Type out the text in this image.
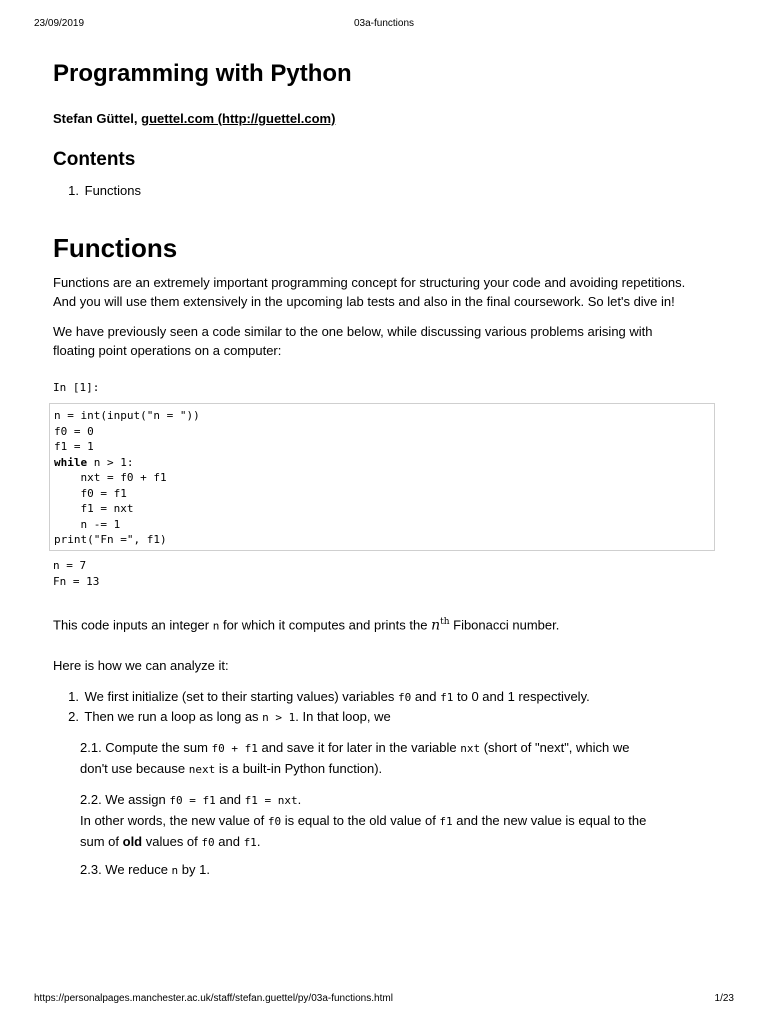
23/09/2019	03a-functions
Programming with Python
Stefan Güttel, guettel.com (http://guettel.com)
Contents
1. Functions
Functions
Functions are an extremely important programming concept for structuring your code and avoiding repetitions.
And you will use them extensively in the upcoming lab tests and also in the final coursework. So let's dive in!
We have previously seen a code similar to the one below, while discussing various problems arising with
floating point operations on a computer:
In [1]:
n = int(input("n = "))
f0 = 0
f1 = 1
while n > 1:
nxt = f0 + f1
f0 = f1
f1 = nxt
n -= 1
print("Fn =", f1)
n = 7
Fn = 13
This code inputs an integer n for which it computes and prints the $n^{th}$ Fibonacci number.
Here is how we can analyze it:
1. We first initialize (set to their starting values) variables f0 and f1 to 0 and 1 respectively.
2. Then we run a loop as long as n > 1. In that loop, we
2.1. Compute the sum f0 + f1 and save it for later in the variable nxt (short of "next", which we
don't use because next is a built-in Python function).
2.2. We assign f0 = f1 and f1 = nxt.
In other words, the new value of f0 is equal to the old value of f1 and the new value is equal to the
sum of old values of f0 and f1.
2.3. We reduce n by 1.
https://personalpages.manchester.ac.uk/staff/stefan.guettel/py/03a-functions.html	1/23
